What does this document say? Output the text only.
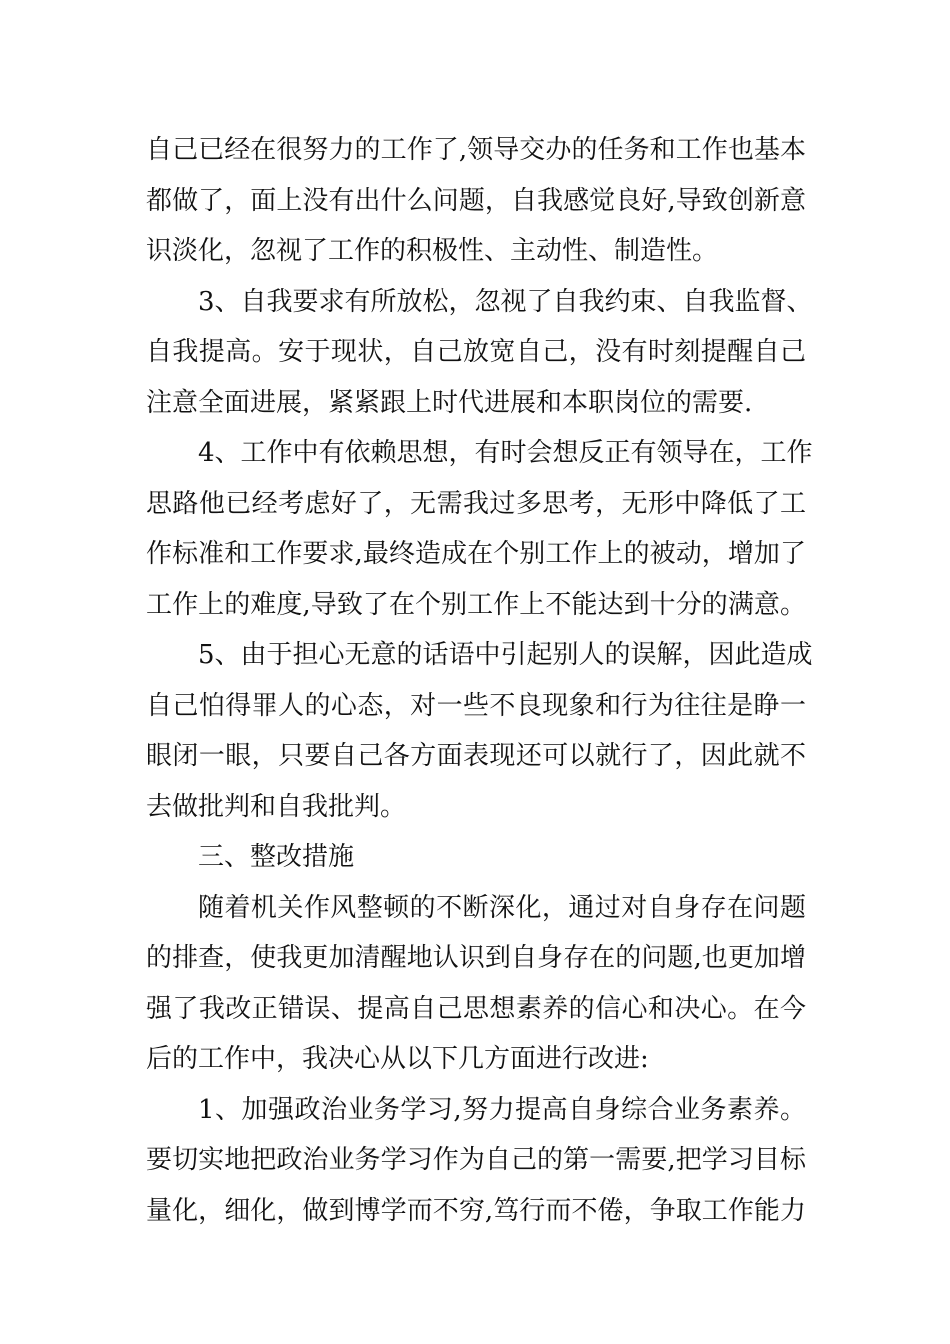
自己已经在很努力的工作了,领导交办的任务和工作也基本
都做了，面上没有出什么问题，自我感觉良好,导致创新意
识淡化，忽视了工作的积极性、主动性、制造性。
3、自我要求有所放松，忽视了自我约束、自我监督、
自我提高。安于现状，自己放宽自己，没有时刻提醒自己
注意全面进展，紧紧跟上时代进展和本职岗位的需要.
4、工作中有依赖思想，有时会想反正有领导在，工作
思路他已经考虑好了，无需我过多思考，无形中降低了工
作标准和工作要求,最终造成在个别工作上的被动，增加了
工作上的难度,导致了在个别工作上不能达到十分的满意。
5、由于担心无意的话语中引起别人的误解，因此造成
自己怕得罪人的心态，对一些不良现象和行为往往是睁一
眼闭一眼，只要自己各方面表现还可以就行了，因此就不
去做批判和自我批判。
三、整改措施
随着机关作风整顿的不断深化，通过对自身存在问题
的排查，使我更加清醒地认识到自身存在的问题,也更加增
强了我改正错误、提高自己思想素养的信心和决心。在今
后的工作中，我决心从以下几方面进行改进:
1、加强政治业务学习,努力提高自身综合业务素养。
要切实地把政治业务学习作为自己的第一需要,把学习目标
量化，细化，做到博学而不穷,笃行而不倦，争取工作能力
